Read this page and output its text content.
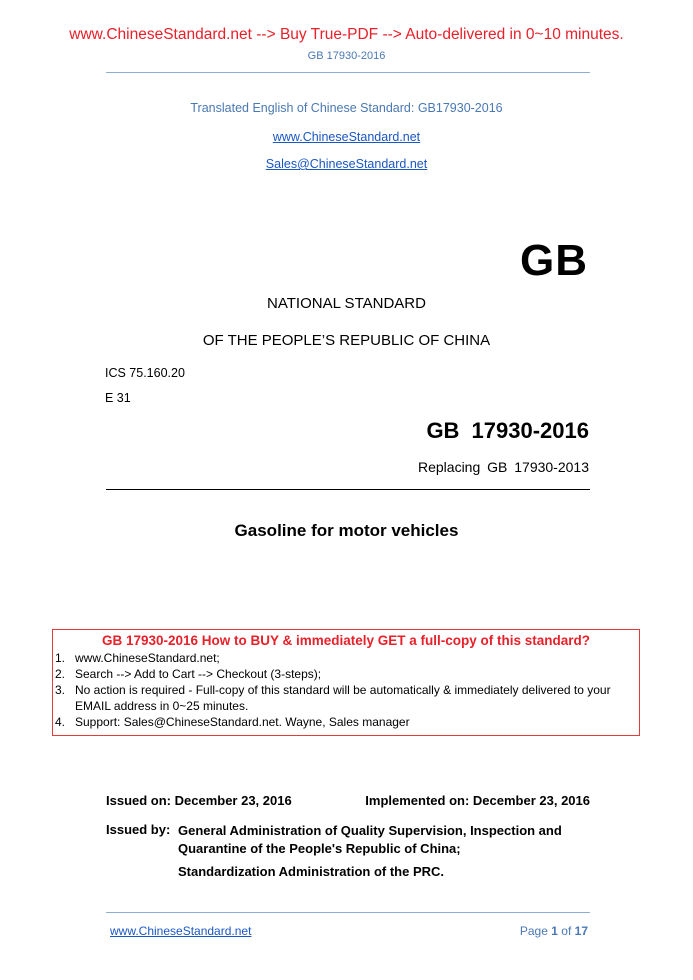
www.ChineseStandard.net --> Buy True-PDF --> Auto-delivered in 0~10 minutes.
GB 17930-2016
Translated English of Chinese Standard: GB17930-2016
www.ChineseStandard.net
Sales@ChineseStandard.net
GB
NATIONAL STANDARD
OF THE PEOPLE’S REPUBLIC OF CHINA
ICS 75.160.20
E 31
GB 17930-2016
Replacing GB 17930-2013
Gasoline for motor vehicles
GB 17930-2016 How to BUY & immediately GET a full-copy of this standard?
1. www.ChineseStandard.net;
2. Search --> Add to Cart --> Checkout (3-steps);
3. No action is required - Full-copy of this standard will be automatically & immediately delivered to your EMAIL address in 0~25 minutes.
4. Support: Sales@ChineseStandard.net. Wayne, Sales manager
Issued on: December 23, 2016	Implemented on: December 23, 2016
Issued by: General Administration of Quality Supervision, Inspection and Quarantine of the People's Republic of China;
Standardization Administration of the PRC.
www.ChineseStandard.net	Page 1 of 17
